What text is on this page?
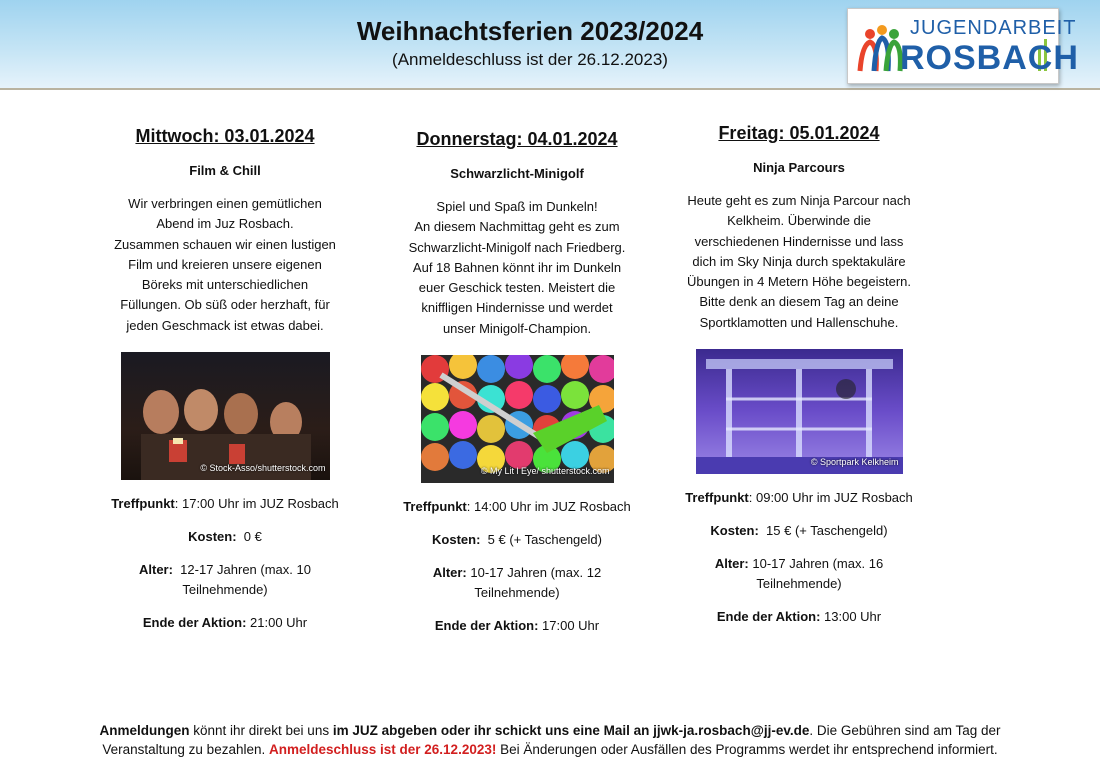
Weihnachtsferien 2023/2024
(Anmeldeschluss ist der 26.12.2023)
JUGENDARBEIT
ROSBACH
Mittwoch: 03.01.2024
Film & Chill
Wir verbringen einen gemütlichen
Abend im Juz Rosbach.
Zusammen schauen wir einen lustigen
Film und kreieren unsere eigenen
Böreks mit unterschiedlichen
Füllungen. Ob süß oder herzhaft, für
jeden Geschmack ist etwas dabei.
© Stock-Asso/shutterstock.com

Treffpunkt: 17:00 Uhr im JUZ Rosbach

Kosten:  0 €

Alter:  12-17 Jahren (max. 10
Teilnehmende)

Ende der Aktion: 21:00 Uhr

Donnerstag: 04.01.2024
Schwarzlicht-Minigolf
Spiel und Spaß im Dunkeln!
An diesem Nachmittag geht es zum
Schwarzlicht-Minigolf nach Friedberg.
Auf 18 Bahnen könnt ihr im Dunkeln
euer Geschick testen. Meistert die
kniffligen Hindernisse und werdet
unser Minigolf-Champion.
© My Lit l Eye/ shutterstock.com

Treffpunkt: 14:00 Uhr im JUZ Rosbach

Kosten:  5 € (+ Taschengeld)

Alter: 10-17 Jahren (max. 12
Teilnehmende)

Ende der Aktion: 17:00 Uhr

Freitag: 05.01.2024
Ninja Parcours
Heute geht es zum Ninja Parcour nach
Kelkheim. Überwinde die
verschiedenen Hindernisse und lass
dich im Sky Ninja durch spektakuläre
Übungen in 4 Metern Höhe begeistern.
Bitte denk an diesem Tag an deine
Sportklamotten und Hallenschuhe.
© Sportpark Kelkheim

Treffpunkt: 09:00 Uhr im JUZ Rosbach

Kosten:  15 € (+ Taschengeld)

Alter: 10-17 Jahren (max. 16
Teilnehmende)

Ende der Aktion: 13:00 Uhr

Anmeldungen könnt ihr direkt bei uns im JUZ abgeben oder ihr schickt uns eine Mail an jjwk-ja.rosbach@jj-ev.de. Die Gebühren sind am Tag der Veranstaltung zu bezahlen. Anmeldeschluss ist der 26.12.2023! Bei Änderungen oder Ausfällen des Programms werdet ihr entsprechend informiert.
